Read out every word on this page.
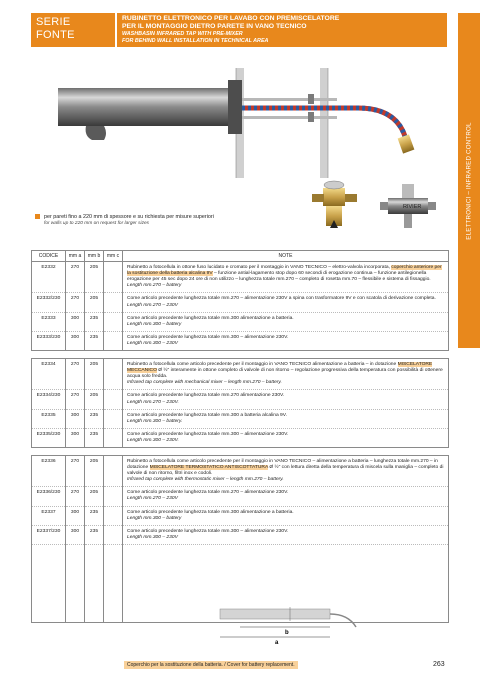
SERIE
FONTE
RUBINETTO ELETTRONICO PER LAVABO CON PREMISCELATORE
PER IL MONTAGGIO DIETRO PARETE IN VANO TECNICO
WASHBASIN INFRARED TAP WITH PRE-MIXER
FOR BEHIND WALL INSTALLATION IN TECHNICAL AREA
ELETTRONICI – INFRARED CONTROL
RIVIER
per pareti fino a 220 mm di spessore e su richiesta per misure superiori
for walls up to 220 mm on request for larger sizes
CODICE	mm a	mm b	mm c	NOTE
E2332	270	205		Rubinetto a fotocellula in ottone fuso lucidato e cromato per il montaggio in VANO TECNICO – elettro-valvola incorporata, coperchio anteriore per la sostituzione della batteria alcalina 9V – funzione antial-lagamento stop dopo 60 secondi di erogazione continua – funzione antilegionella erogazione per 45 sec dopo 24 ore di non utilizzo – lunghezza totale mm.270 – completo di rosetta mm.70 – flessibile e sistema di fissaggio.
Length mm.270 – battery

E2332/230	270	205		Come articolo precedente lunghezza totale mm.270 – alimentazione 230V a spina con trasformatore 9V e con scatola di derivazione completa.
Length mm.270 – 230V

E2333	300	235		Come articolo precedente lunghezza totale mm.300 alimentazione a batteria.
Length mm.300 – battery

E2333/230	300	235		Come articolo precedente lunghezza totale mm.300 – alimentazione 230V.
Length mm.300 – 230V

E2334	270	205		Rubinetto a fotocellula come articolo precedente per il montaggio in VANO TECNICO alimentazione a batteria – in dotazione MISCELATORE MECCANICO Ø ½" interamente in ottone completo di valvole di non ritorno – regolazione progressiva della temperatura con possibilità di ottenere acqua solo fredda.
Infrared tap complete with mechanical mixer – length mm.270 – battery.

E2334/230	270	205		Come articolo precedente lunghezza totale mm.270 alimentazione 230V.
Length mm.270 – 230V.

E2335	300	235		Come articolo precedente lunghezza totale mm.300 a batteria alcalina 9V.
Length mm.300 – battery.

E2335/230	300	235		Come articolo precedente lunghezza totale mm.300 – alimentazione 230V.
Length mm.300 – 230V.

E2336	270	205		Rubinetto a fotocellula come articolo precedente per il montaggio in VANO TECNICO – alimentazione a batteria – lunghezza totale mm.270 – in dotazione MISCELATORE TERMOSTATICO ANTISCOTTATURA Ø ½" con lettura diretta della temperatura di miscela sulla maniglia – completo di valvole di non ritorno, filtri inox e codoli.
Infrared tap complete with thermostatic mixer – length mm.270 – battery.

E2336/230	270	205		Come articolo precedente lunghezza totale mm.270 – alimentazione 230V.
Length mm.270 – 230V

E2337	300	235		Come articolo precedente lunghezza totale mm.300 alimentazione a batteria.
Length mm.300 – battery

E2337/230	300	235		Come articolo precedente lunghezza totale mm.300 – alimentazione 230V.
Length mm.300 – 230V

b
a
Coperchio per la sostituzione della batteria. / Cover for battery replacement.	263
